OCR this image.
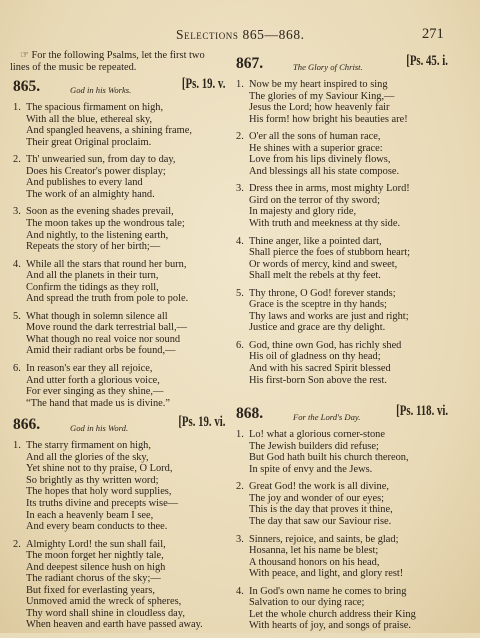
Selections 865—868.	271

☞ For the following Psalms, let the first two lines of the music be repeated.

865.	God in his Works.	[Ps. 19. v.
1. The spacious firmament on high,
With all the blue, ethereal sky,
And spangled heavens, a shining frame,
Their great Original proclaim.
2. Th' unwearied sun, from day to day,
Does his Creator's power display;
And publishes to every land
The work of an almighty hand.
3. Soon as the evening shades prevail,
The moon takes up the wondrous tale;
And nightly, to the listening earth,
Repeats the story of her birth;—
4. While all the stars that round her burn,
And all the planets in their turn,
Confirm the tidings as they roll,
And spread the truth from pole to pole.
5. What though in solemn silence all
Move round the dark terrestrial ball,—
What though no real voice nor sound
Amid their radiant orbs be found,—
6. In reason's ear they all rejoice,
And utter forth a glorious voice,
For ever singing as they shine,—
“The hand that made us is divine.”
866.	God in his Word.	[Ps. 19. vi.
1. The starry firmament on high,
And all the glories of the sky,
Yet shine not to thy praise, O Lord,
So brightly as thy written word;
The hopes that holy word supplies,
Its truths divine and precepts wise—
In each a heavenly beam I see,
And every beam conducts to thee.
2. Almighty Lord! the sun shall fail,
The moon forget her nightly tale,
And deepest silence hush on high
The radiant chorus of the sky;—
But fixed for everlasting years,
Unmoved amid the wreck of spheres,
Thy word shall shine in cloudless day,
When heaven and earth have passed away.
867.	The Glory of Christ.	[Ps. 45. i.
1. Now be my heart inspired to sing
The glories of my Saviour King,—
Jesus the Lord; how heavenly fair
His form! how bright his beauties are!
2. O'er all the sons of human race,
He shines with a superior grace:
Love from his lips divinely flows,
And blessings all his state compose.
3. Dress thee in arms, most mighty Lord!
Gird on the terror of thy sword;
In majesty and glory ride,
With truth and meekness at thy side.
4. Thine anger, like a pointed dart,
Shall pierce the foes of stubborn heart;
Or words of mercy, kind and sweet,
Shall melt the rebels at thy feet.
5. Thy throne, O God! forever stands;
Grace is the sceptre in thy hands;
Thy laws and works are just and right;
Justice and grace are thy delight.
6. God, thine own God, has richly shed
His oil of gladness on thy head;
And with his sacred Spirit blessed
His first-born Son above the rest.
868.	For the Lord's Day. [Ps. 118. vi.
1. Lo! what a glorious corner-stone
The Jewish builders did refuse;
But God hath built his church thereon,
In spite of envy and the Jews.
2. Great God! the work is all divine,
The joy and wonder of our eyes;
This is the day that proves it thine,
The day that saw our Saviour rise.
3. Sinners, rejoice, and saints, be glad;
Hosanna, let his name be blest;
A thousand honors on his head,
With peace, and light, and glory rest!
4. In God's own name he comes to bring
Salvation to our dying race;
Let the whole church address their King
With hearts of joy, and songs of praise.
